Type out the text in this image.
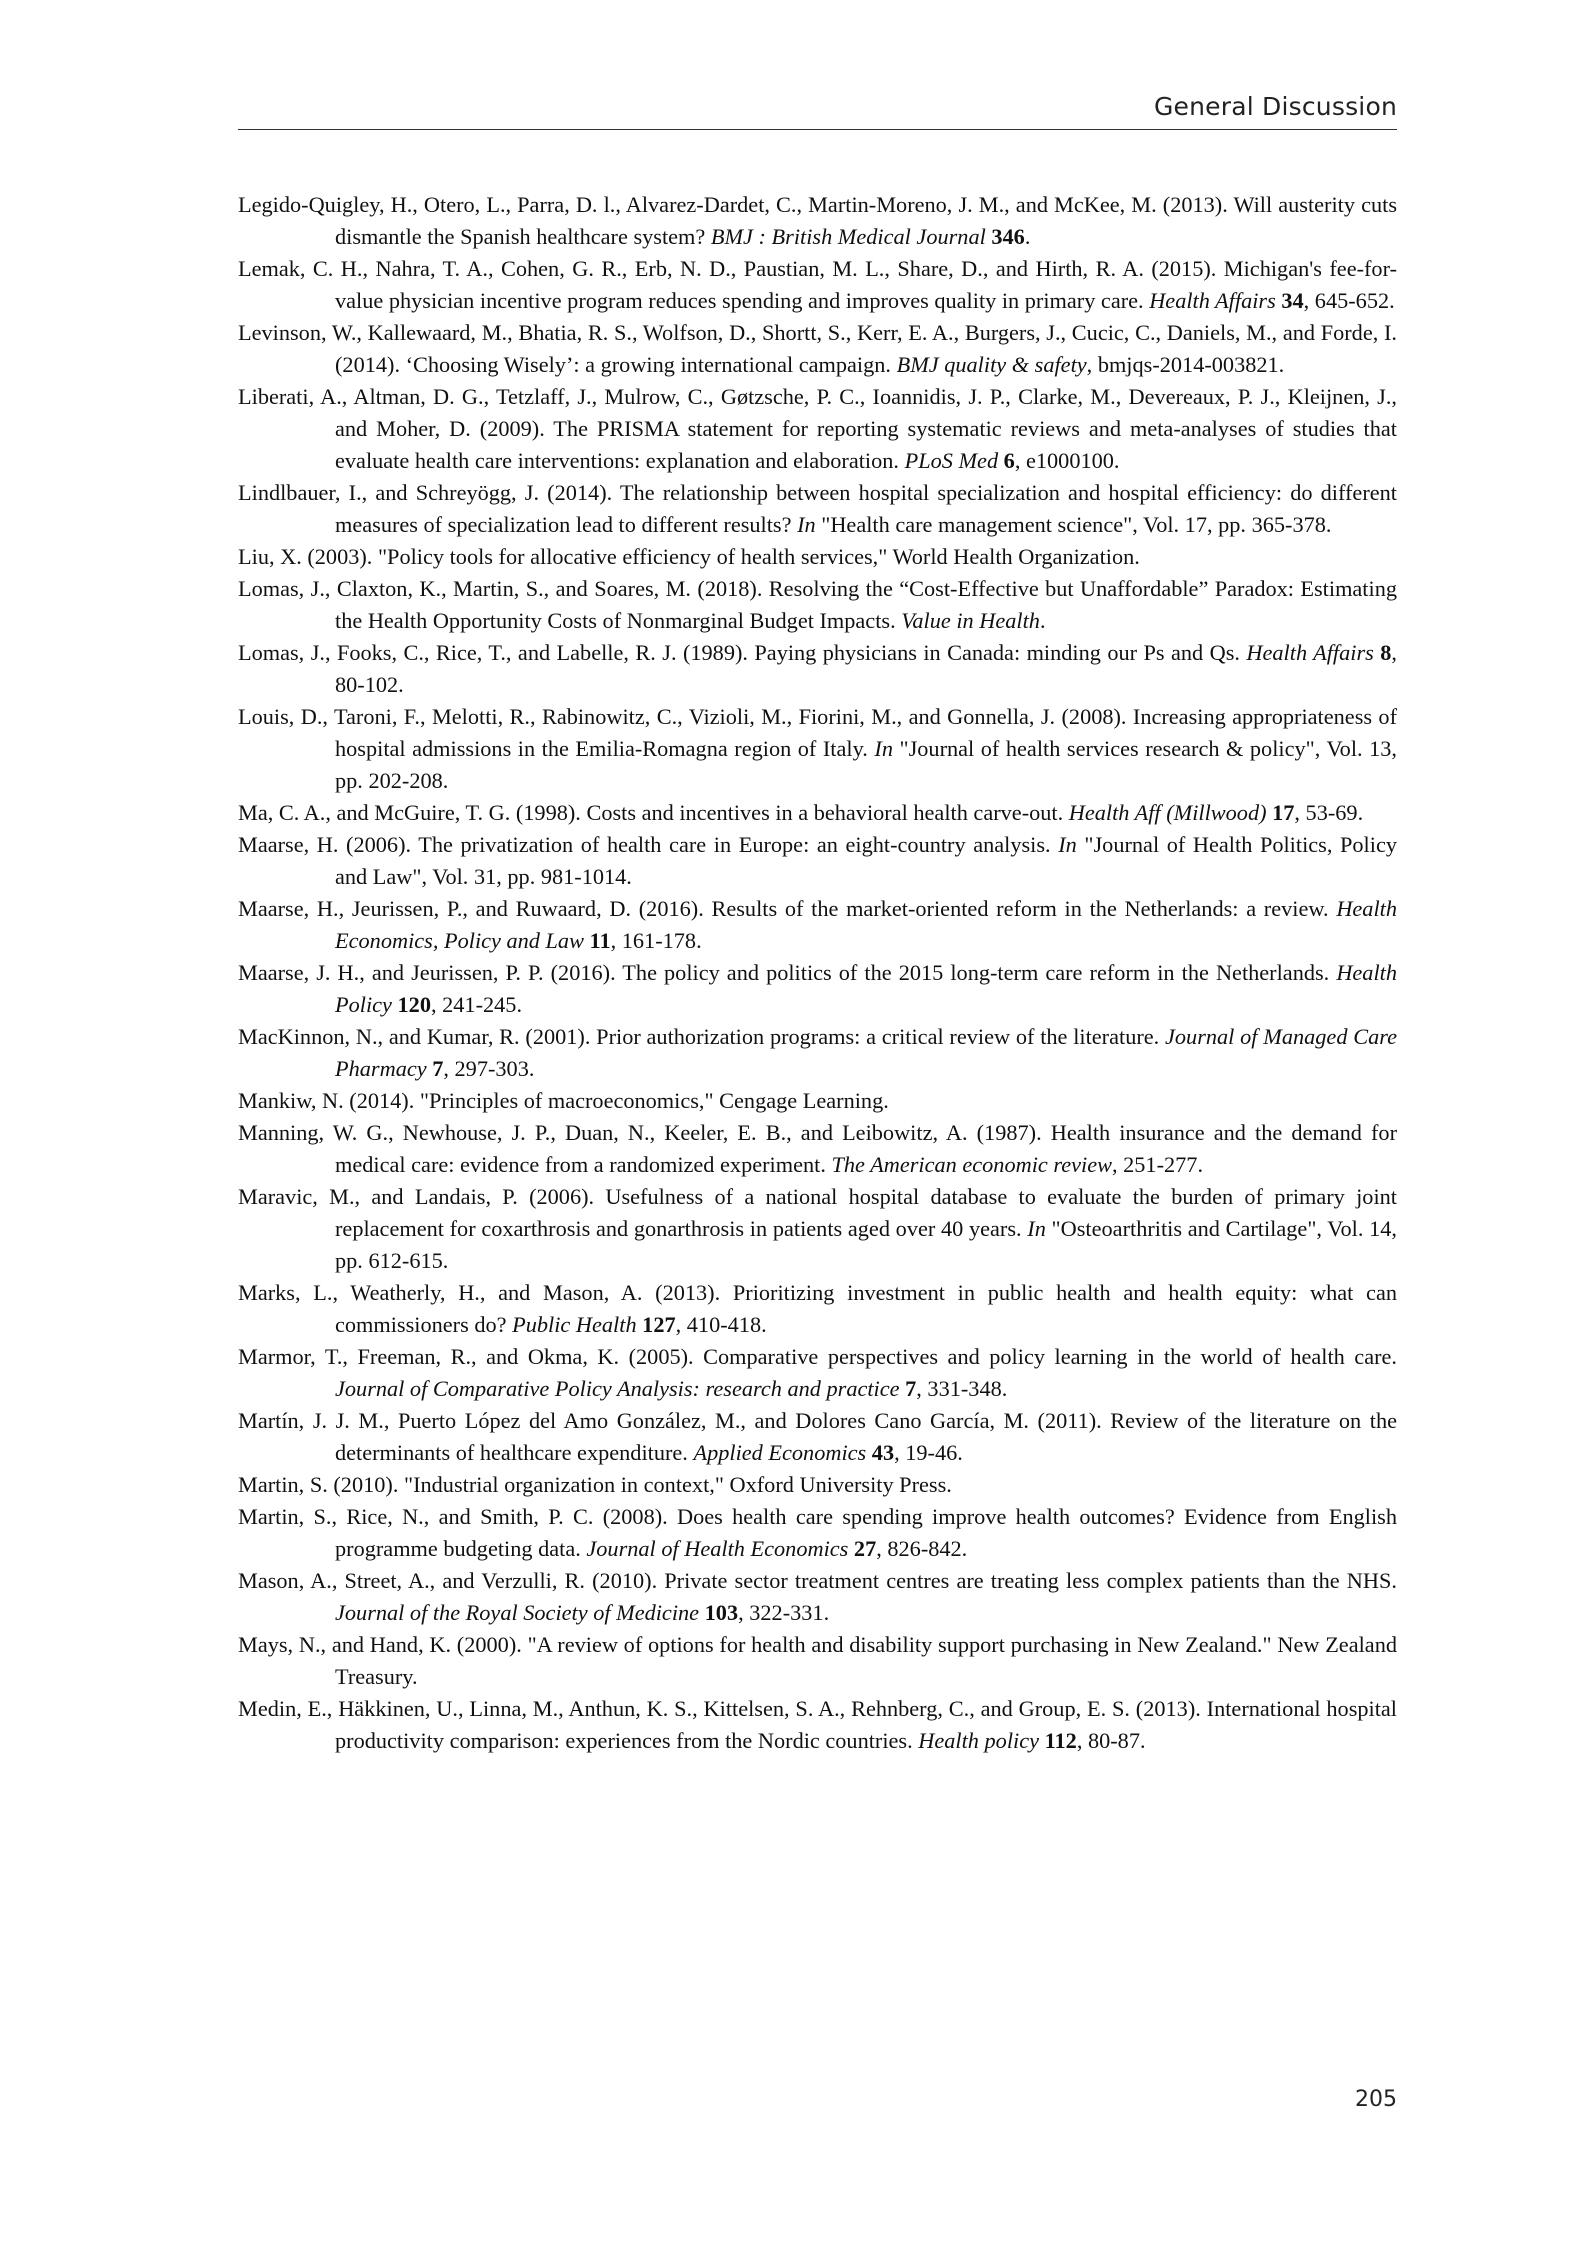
General Discussion

Legido-Quigley, H., Otero, L., Parra, D. l., Alvarez-Dardet, C., Martin-Moreno, J. M., and McKee, M. (2013). Will austerity cuts dismantle the Spanish healthcare system? BMJ : British Medical Journal 346.

Lemak, C. H., Nahra, T. A., Cohen, G. R., Erb, N. D., Paustian, M. L., Share, D., and Hirth, R. A. (2015). Michigan's fee-for-value physician incentive program reduces spending and improves quality in primary care. Health Affairs 34, 645-652.

Levinson, W., Kallewaard, M., Bhatia, R. S., Wolfson, D., Shortt, S., Kerr, E. A., Burgers, J., Cucic, C., Daniels, M., and Forde, I. (2014). ‘Choosing Wisely’: a growing international campaign. BMJ quality & safety, bmjqs-2014-003821.

Liberati, A., Altman, D. G., Tetzlaff, J., Mulrow, C., Gøtzsche, P. C., Ioannidis, J. P., Clarke, M., Devereaux, P. J., Kleijnen, J., and Moher, D. (2009). The PRISMA statement for reporting systematic reviews and meta-analyses of studies that evaluate health care interventions: explanation and elaboration. PLoS Med 6, e1000100.

Lindlbauer, I., and Schreyögg, J. (2014). The relationship between hospital specialization and hospital efficiency: do different measures of specialization lead to different results? In "Health care management science", Vol. 17, pp. 365-378.

Liu, X. (2003). "Policy tools for allocative efficiency of health services," World Health Organization.

Lomas, J., Claxton, K., Martin, S., and Soares, M. (2018). Resolving the “Cost-Effective but Unaffordable” Paradox: Estimating the Health Opportunity Costs of Nonmarginal Budget Impacts. Value in Health.

Lomas, J., Fooks, C., Rice, T., and Labelle, R. J. (1989). Paying physicians in Canada: minding our Ps and Qs. Health Affairs 8, 80-102.

Louis, D., Taroni, F., Melotti, R., Rabinowitz, C., Vizioli, M., Fiorini, M., and Gonnella, J. (2008). Increasing appropriateness of hospital admissions in the Emilia-Romagna region of Italy. In "Journal of health services research & policy", Vol. 13, pp. 202-208.

Ma, C. A., and McGuire, T. G. (1998). Costs and incentives in a behavioral health carve-out. Health Aff (Millwood) 17, 53-69.

Maarse, H. (2006). The privatization of health care in Europe: an eight-country analysis. In "Journal of Health Politics, Policy and Law", Vol. 31, pp. 981-1014.

Maarse, H., Jeurissen, P., and Ruwaard, D. (2016). Results of the market-oriented reform in the Netherlands: a review. Health Economics, Policy and Law 11, 161-178.

Maarse, J. H., and Jeurissen, P. P. (2016). The policy and politics of the 2015 long-term care reform in the Netherlands. Health Policy 120, 241-245.

MacKinnon, N., and Kumar, R. (2001). Prior authorization programs: a critical review of the literature. Journal of Managed Care Pharmacy 7, 297-303.

Mankiw, N. (2014). "Principles of macroeconomics," Cengage Learning.

Manning, W. G., Newhouse, J. P., Duan, N., Keeler, E. B., and Leibowitz, A. (1987). Health insurance and the demand for medical care: evidence from a randomized experiment. The American economic review, 251-277.

Maravic, M., and Landais, P. (2006). Usefulness of a national hospital database to evaluate the burden of primary joint replacement for coxarthrosis and gonarthrosis in patients aged over 40 years. In "Osteoarthritis and Cartilage", Vol. 14, pp. 612-615.

Marks, L., Weatherly, H., and Mason, A. (2013). Prioritizing investment in public health and health equity: what can commissioners do? Public Health 127, 410-418.

Marmor, T., Freeman, R., and Okma, K. (2005). Comparative perspectives and policy learning in the world of health care. Journal of Comparative Policy Analysis: research and practice 7, 331-348.

Martín, J. J. M., Puerto López del Amo González, M., and Dolores Cano García, M. (2011). Review of the literature on the determinants of healthcare expenditure. Applied Economics 43, 19-46.

Martin, S. (2010). "Industrial organization in context," Oxford University Press.

Martin, S., Rice, N., and Smith, P. C. (2008). Does health care spending improve health outcomes? Evidence from English programme budgeting data. Journal of Health Economics 27, 826-842.

Mason, A., Street, A., and Verzulli, R. (2010). Private sector treatment centres are treating less complex patients than the NHS. Journal of the Royal Society of Medicine 103, 322-331.

Mays, N., and Hand, K. (2000). "A review of options for health and disability support purchasing in New Zealand." New Zealand Treasury.

Medin, E., Häkkinen, U., Linna, M., Anthun, K. S., Kittelsen, S. A., Rehnberg, C., and Group, E. S. (2013). International hospital productivity comparison: experiences from the Nordic countries. Health policy 112, 80-87.

205
